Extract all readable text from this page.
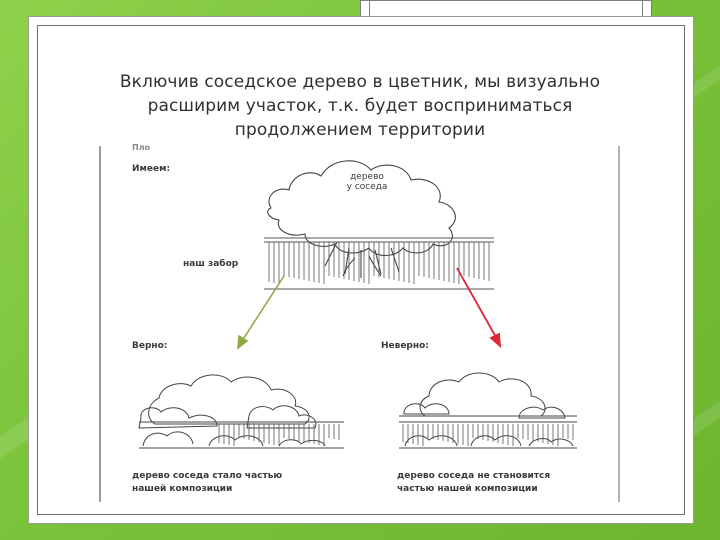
Включив соседское дерево в цветник, мы визуально
расширим участок, т.к. будет восприниматься
продолжением территории
Пло
Имеем:
дерево
у соседа
наш забор
Верно:	Неверно:
дерево соседа стало частью
нашей композиции
дерево соседа не становится
частью нашей композиции
